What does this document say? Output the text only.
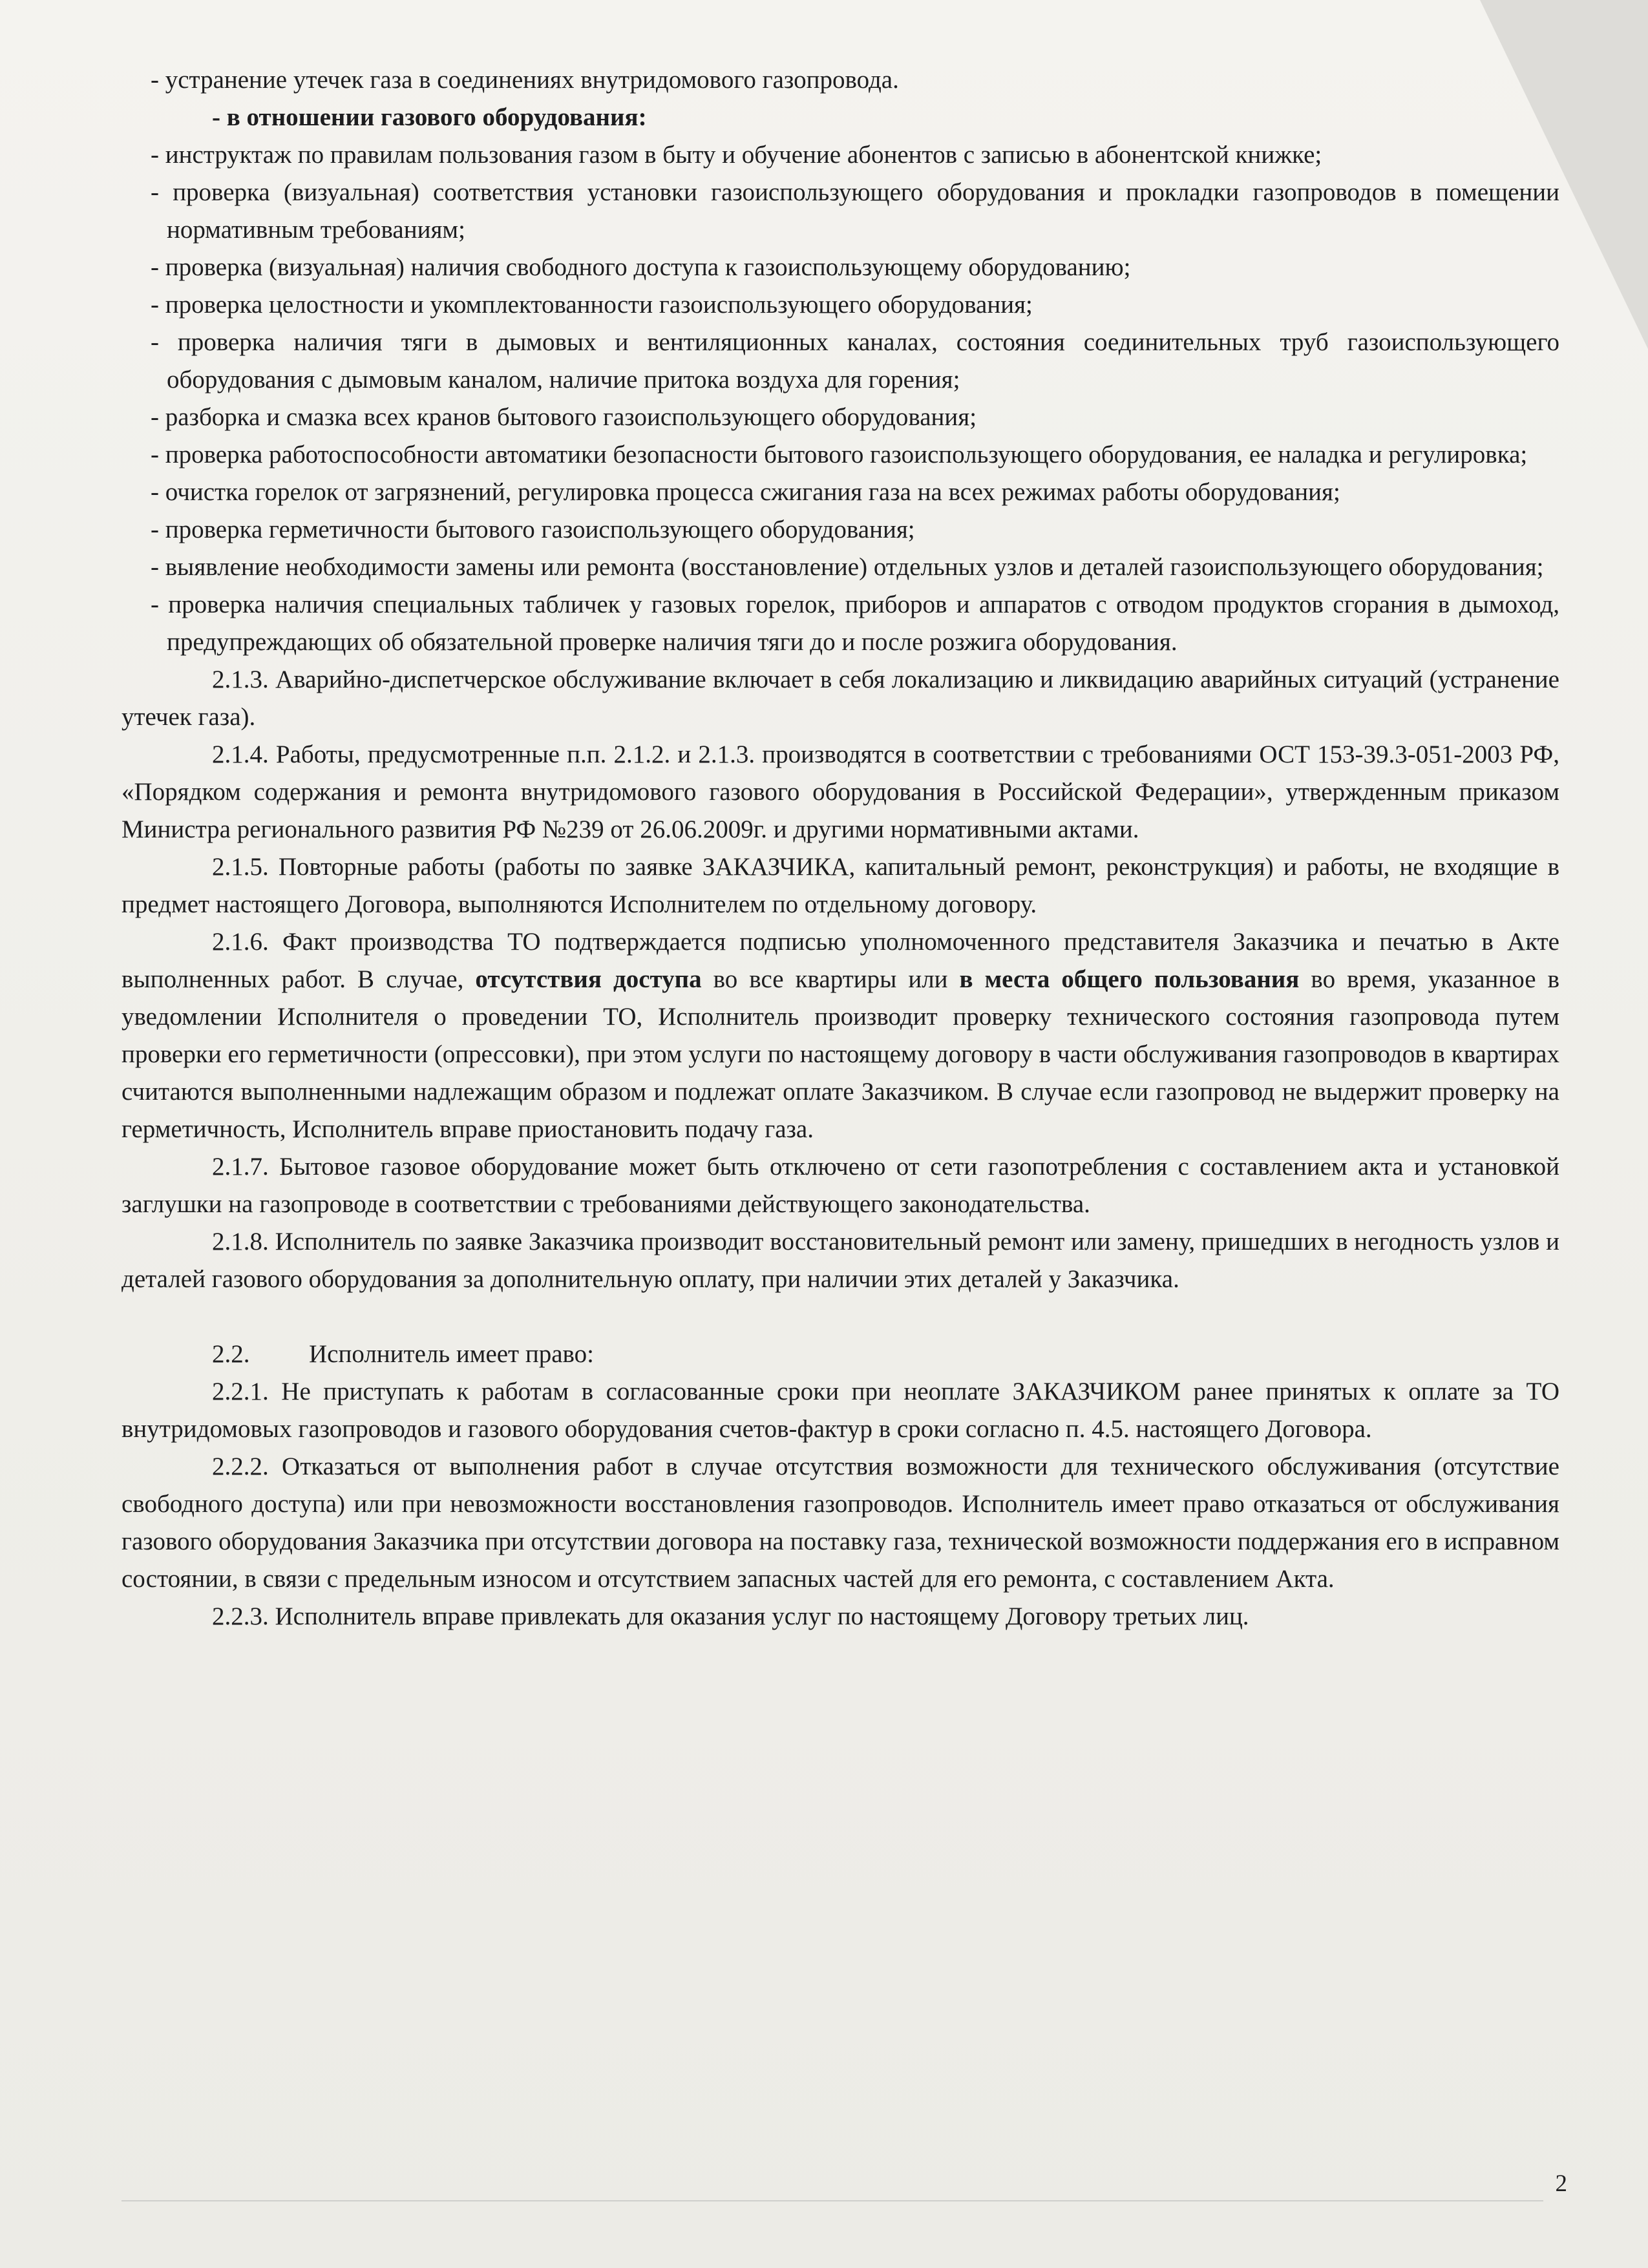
- устранение утечек газа в соединениях внутридомового газопровода.

- в отношении газового оборудования:

- инструктаж по правилам пользования газом в быту и обучение абонентов с записью в абонентской книжке;

- проверка (визуальная) соответствия установки газоиспользующего оборудования и прокладки газопроводов в помещении нормативным требованиям;

- проверка (визуальная) наличия свободного доступа к газоиспользующему оборудованию;

- проверка целостности и укомплектованности газоиспользующего оборудования;

- проверка наличия тяги в дымовых и вентиляционных каналах, состояния соединительных труб газоиспользующего оборудования с дымовым каналом, наличие притока воздуха для горения;

- разборка и смазка всех кранов бытового газоиспользующего оборудования;

- проверка работоспособности автоматики безопасности бытового газоиспользующего оборудования, ее наладка и регулировка;

- очистка горелок от загрязнений, регулировка процесса сжигания газа на всех режимах работы оборудования;

- проверка герметичности бытового газоиспользующего оборудования;

- выявление необходимости замены или ремонта (восстановление) отдельных узлов и деталей газоиспользующего оборудования;

- проверка наличия специальных табличек у газовых горелок, приборов и аппаратов с отводом продуктов сгорания в дымоход, предупреждающих об обязательной проверке наличия тяги до и после розжига оборудования.

2.1.3. Аварийно-диспетчерское обслуживание включает в себя локализацию и ликвидацию аварийных ситуаций (устранение утечек газа).

2.1.4. Работы, предусмотренные п.п. 2.1.2. и 2.1.3. производятся в соответствии с требованиями ОСТ 153-39.3-051-2003 РФ, «Порядком содержания и ремонта внутридомового газового оборудования в Российской Федерации», утвержденным приказом Министра регионального развития РФ №239 от 26.06.2009г. и другими нормативными актами.

2.1.5. Повторные работы (работы по заявке ЗАКАЗЧИКА, капитальный ремонт, реконструкция) и работы, не входящие в предмет настоящего Договора, выполняются Исполнителем по отдельному договору.

2.1.6. Факт производства ТО подтверждается подписью уполномоченного представителя Заказчика и печатью в Акте выполненных работ. В случае, отсутствия доступа во все квартиры или в места общего пользования во время, указанное в уведомлении Исполнителя о проведении ТО, Исполнитель производит проверку технического состояния газопровода путем проверки его герметичности (опрессовки), при этом услуги по настоящему договору в части обслуживания газопроводов в квартирах считаются выполненными надлежащим образом и подлежат оплате Заказчиком. В случае если газопровод не выдержит проверку на герметичность, Исполнитель вправе приостановить подачу газа.

2.1.7. Бытовое газовое оборудование может быть отключено от сети газопотребления с составлением акта и установкой заглушки на газопроводе в соответствии с требованиями действующего законодательства.

2.1.8. Исполнитель по заявке Заказчика производит восстановительный ремонт или замену, пришедших в негодность узлов и деталей газового оборудования за дополнительную оплату, при наличии этих деталей у Заказчика.

2.2. Исполнитель имеет право:

2.2.1. Не приступать к работам в согласованные сроки при неоплате ЗАКАЗЧИКОМ ранее принятых к оплате за ТО внутридомовых газопроводов и газового оборудования счетов-фактур в сроки согласно п. 4.5. настоящего Договора.

2.2.2. Отказаться от выполнения работ в случае отсутствия возможности для технического обслуживания (отсутствие свободного доступа) или при невозможности восстановления газопроводов. Исполнитель имеет право отказаться от обслуживания газового оборудования Заказчика при отсутствии договора на поставку газа, технической возможности поддержания его в исправном состоянии, в связи с предельным износом и отсутствием запасных частей для его ремонта, с составлением Акта.

2.2.3. Исполнитель вправе привлекать для оказания услуг по настоящему Договору третьих лиц.

2
